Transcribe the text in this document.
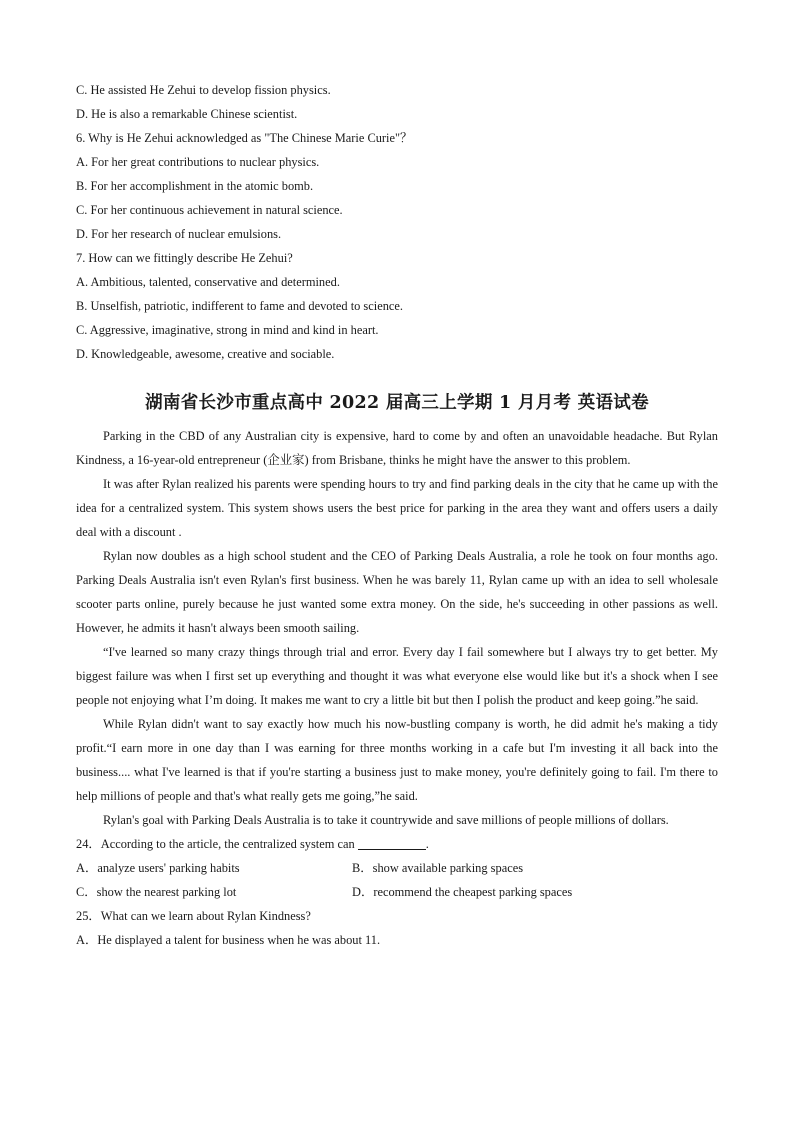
C. He assisted He Zehui to develop fission physics.
D. He is also a remarkable Chinese scientist.
6. Why is He Zehui acknowledged as "The Chinese Marie Curie"？
A. For her great contributions to nuclear physics.
B. For her accomplishment in the atomic bomb.
C. For her continuous achievement in natural science.
D. For her research of nuclear emulsions.
7. How can we fittingly describe He Zehui?
A. Ambitious, talented, conservative and determined.
B. Unselfish, patriotic, indifferent to fame and devoted to science.
C. Aggressive, imaginative, strong in mind and kind in heart.
D. Knowledgeable, awesome, creative and sociable.
湖南省长沙市重点高中 2022 届高三上学期 1 月月考 英语试卷

Parking in the CBD of any Australian city is expensive, hard to come by and often an unavoidable headache. But Rylan Kindness, a 16-year-old entrepreneur (企业家) from Brisbane, thinks he might have the answer to this problem.

It was after Rylan realized his parents were spending hours to try and find parking deals in the city that he came up with the idea for a centralized system. This system shows users the best price for parking in the area they want and offers users a daily deal with a discount .

Rylan now doubles as a high school student and the CEO of Parking Deals Australia, a role he took on four months ago. Parking Deals Australia isn't even Rylan's first business. When he was barely 11, Rylan came up with an idea to sell wholesale scooter parts online, purely because he just wanted some extra money. On the side, he's succeeding in other passions as well. However, he admits it hasn't always been smooth sailing.

“I've learned so many crazy things through trial and error. Every day I fail somewhere but I always try to get better. My biggest failure was when I first set up everything and thought it was what everyone else would like but it's a shock when I see people not enjoying what I’m doing. It makes me want to cry a little bit but then I polish the product and keep going.”he said.

While Rylan didn't want to say exactly how much his now-bustling company is worth, he did admit he's making a tidy profit.“I earn more in one day than I was earning for three months working in a cafe but I'm investing it all back into the business.... what I've learned is that if you're starting a business just to make money, you're definitely going to fail. I'm there to help millions of people and that's what really gets me going,”he said.

Rylan's goal with Parking Deals Australia is to take it countrywide and save millions of people millions of dollars.

24．According to the article, the centralized system can	.
A．analyze users' parking habits	B．show available parking spaces
C．show the nearest parking lot	D．recommend the cheapest parking spaces
25．What can we learn about Rylan Kindness?
A．He displayed a talent for business when he was about 11.
